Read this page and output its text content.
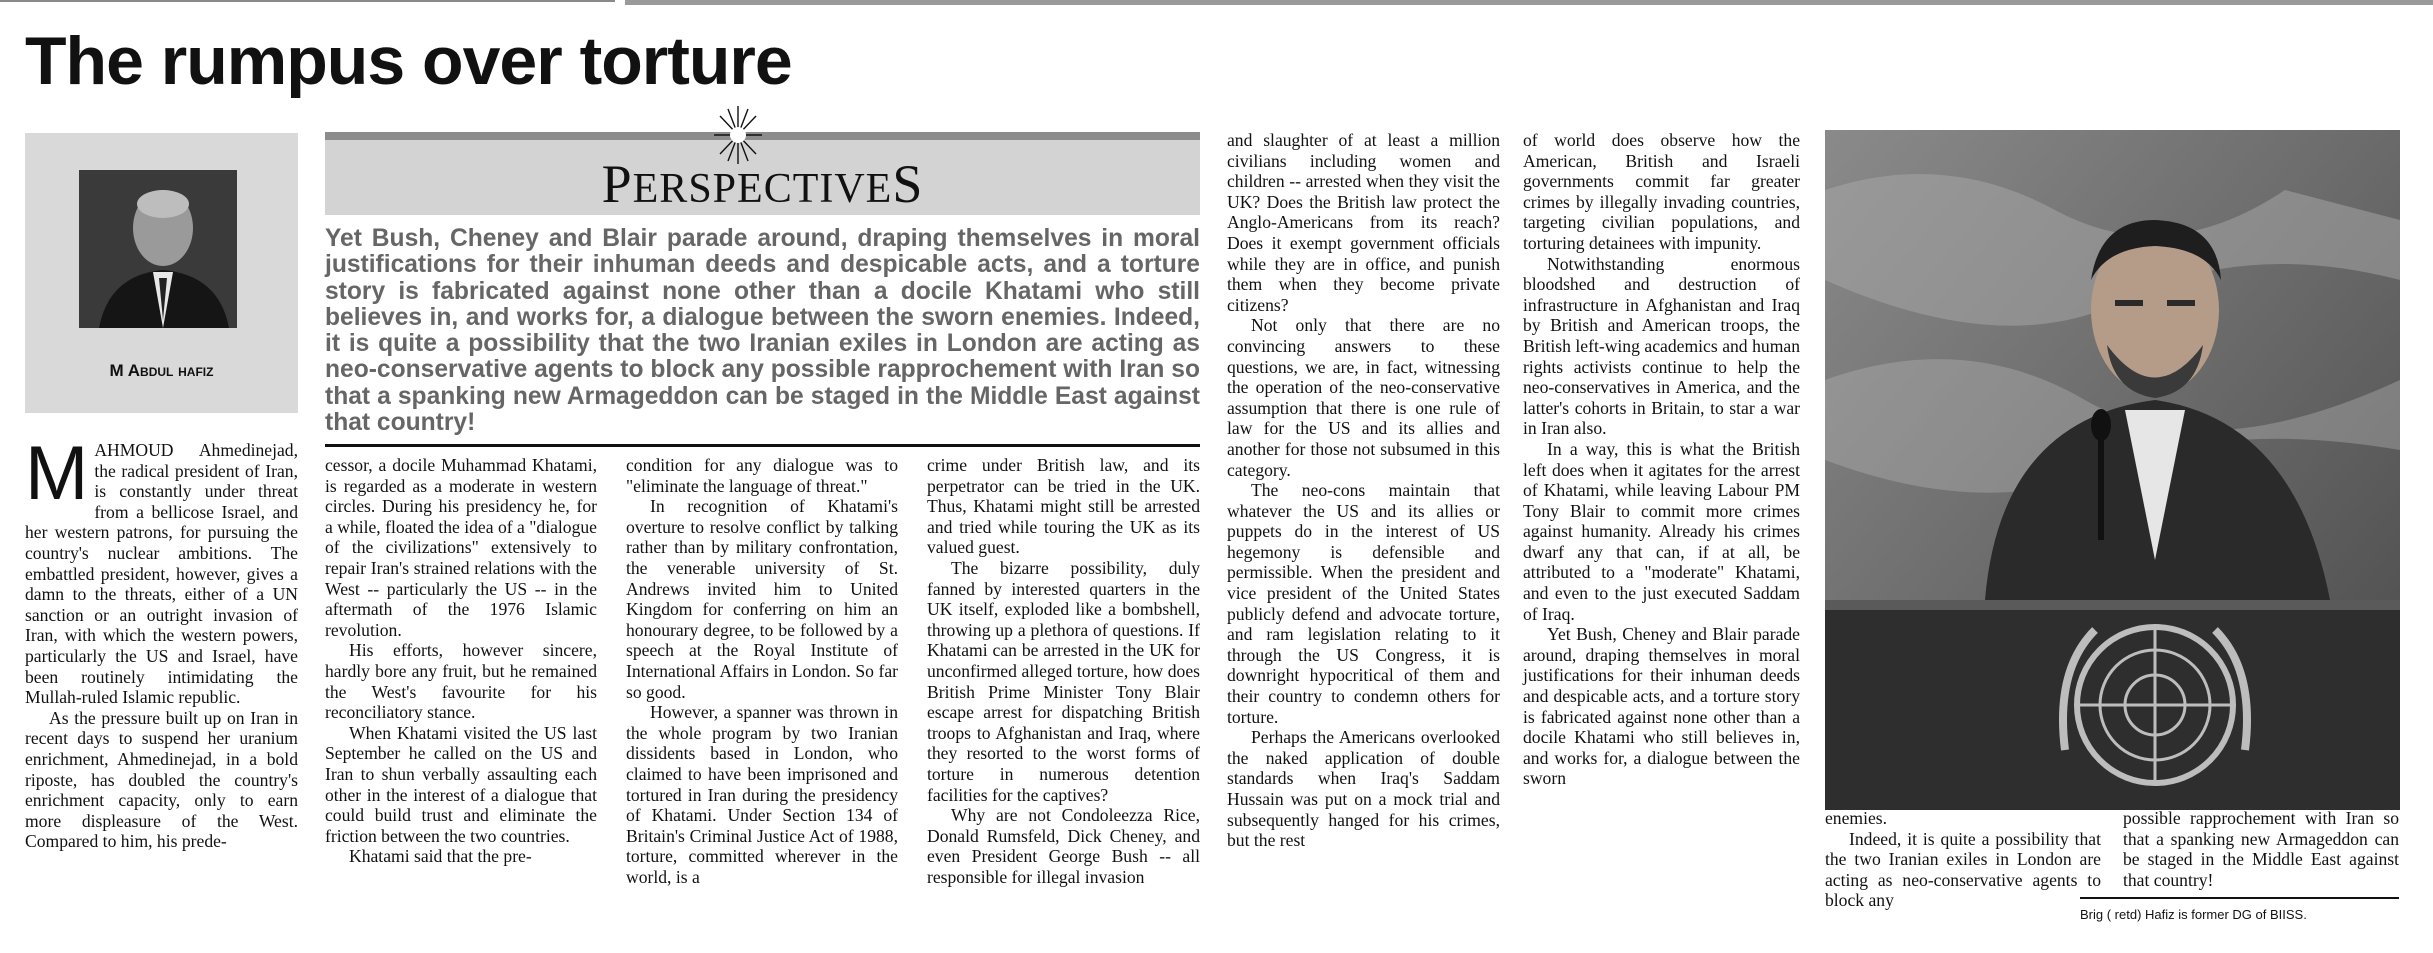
The rumpus over torture
M Abdul hafiz
PERSPECTIVES
Yet Bush, Cheney and Blair parade around, draping themselves in moral justifications for their inhuman deeds and despicable acts, and a torture story is fabricated against none other than a docile Khatami who still believes in, and works for, a dialogue between the sworn enemies. Indeed, it is quite a possibility that the two Iranian exiles in London are acting as neo-conservative agents to block any possible rapprochement with Iran so that a spanking new Armageddon can be staged in the Middle East against that country!

MAHMOUD Ahmedinejad, the radical president of Iran, is constantly under threat from a bellicose Israel, and her western patrons, for pursuing the country's nuclear ambitions. The embattled president, however, gives a damn to the threats, either of a UN sanction or an outright invasion of Iran, with which the western powers, particularly the US and Israel, have been routinely intimidating the Mullah-ruled Islamic republic.

As the pressure built up on Iran in recent days to suspend her uranium enrichment, Ahmedinejad, in a bold riposte, has doubled the country's enrichment capacity, only to earn more displeasure of the West. Compared to him, his prede-

cessor, a docile Muhammad Khatami, is regarded as a moderate in western circles. During his presidency he, for a while, floated the idea of a "dialogue of the civilizations" extensively to repair Iran's strained relations with the West -- particularly the US -- in the aftermath of the 1976 Islamic revolution.

His efforts, however sincere, hardly bore any fruit, but he remained the West's favourite for his reconciliatory stance.

When Khatami visited the US last September he called on the US and Iran to shun verbally assaulting each other in the interest of a dialogue that could build trust and eliminate the friction between the two countries.

Khatami said that the pre-

condition for any dialogue was to "eliminate the language of threat."

In recognition of Khatami's overture to resolve conflict by talking rather than by military confrontation, the venerable university of St. Andrews invited him to United Kingdom for conferring on him an honourary degree, to be followed by a speech at the Royal Institute of International Affairs in London. So far so good.

However, a spanner was thrown in the whole program by two Iranian dissidents based in London, who claimed to have been imprisoned and tortured in Iran during the presidency of Khatami. Under Section 134 of Britain's Criminal Justice Act of 1988, torture, committed wherever in the world, is a

crime under British law, and its perpetrator can be tried in the UK. Thus, Khatami might still be arrested and tried while touring the UK as its valued guest.

The bizarre possibility, duly fanned by interested quarters in the UK itself, exploded like a bombshell, throwing up a plethora of questions. If Khatami can be arrested in the UK for unconfirmed alleged torture, how does British Prime Minister Tony Blair escape arrest for dispatching British troops to Afghanistan and Iraq, where they resorted to the worst forms of torture in numerous detention facilities for the captives?

Why are not Condoleezza Rice, Donald Rumsfeld, Dick Cheney, and even President George Bush -- all responsible for illegal invasion

and slaughter of at least a million civilians including women and children -- arrested when they visit the UK? Does the British law protect the Anglo-Americans from its reach? Does it exempt government officials while they are in office, and punish them when they become private citizens?

Not only that there are no convincing answers to these questions, we are, in fact, witnessing the operation of the neo-conservative assumption that there is one rule of law for the US and its allies and another for those not subsumed in this category.

The neo-cons maintain that whatever the US and its allies or puppets do in the interest of US hegemony is defensible and permissible. When the president and vice president of the United States publicly defend and advocate torture, and ram legislation relating to it through the US Congress, it is downright hypocritical of them and their country to condemn others for torture.

Perhaps the Americans overlooked the naked application of double standards when Iraq's Saddam Hussain was put on a mock trial and subsequently hanged for his crimes, but the rest

of world does observe how the American, British and Israeli governments commit far greater crimes by illegally invading countries, targeting civilian populations, and torturing detainees with impunity.

Notwithstanding enormous bloodshed and destruction of infrastructure in Afghanistan and Iraq by British and American troops, the British left-wing academics and human rights activists continue to help the neo-conservatives in America, and the latter's cohorts in Britain, to star a war in Iran also.

In a way, this is what the British left does when it agitates for the arrest of Khatami, while leaving Labour PM Tony Blair to commit more crimes against humanity. Already his crimes dwarf any that can, if at all, be attributed to a "moderate" Khatami, and even to the just executed Saddam of Iraq.

Yet Bush, Cheney and Blair parade around, draping themselves in moral justifications for their inhuman deeds and despicable acts, and a torture story is fabricated against none other than a docile Khatami who still believes in, and works for, a dialogue between the sworn

enemies.

Indeed, it is quite a possibility that the two Iranian exiles in London are acting as neo-conservative agents to block any

possible rapprochement with Iran so that a spanking new Armageddon can be staged in the Middle East against that country!

Brig ( retd) Hafiz is former DG of BIISS.
